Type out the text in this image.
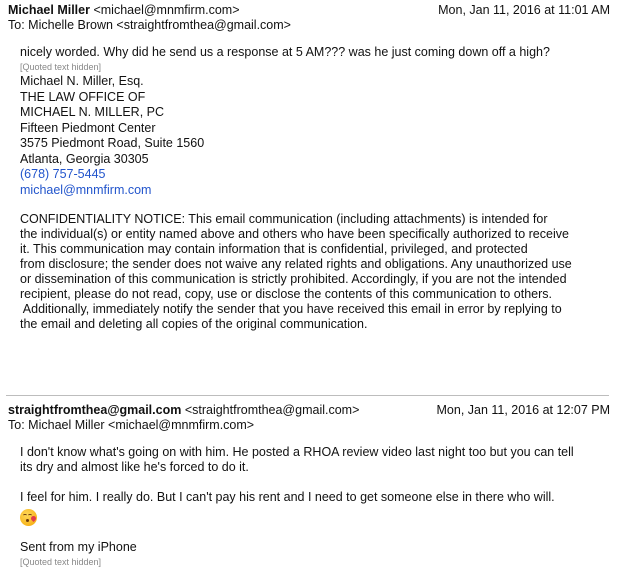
Michael Miller <michael@mnmfirm.com>
To: Michelle Brown <straightfromthea@gmail.com>
Mon, Jan 11, 2016 at 11:01 AM
nicely worded. Why did he send us a response at 5 AM??? was he just coming down off a high?
[Quoted text hidden]
Michael N. Miller, Esq.
THE LAW OFFICE OF
MICHAEL N. MILLER, PC
Fifteen Piedmont Center
3575 Piedmont Road, Suite 1560
Atlanta, Georgia 30305
(678) 757-5445
michael@mnmfirm.com
CONFIDENTIALITY NOTICE: This email communication (including attachments) is intended for
the individual(s) or entity named above and others who have been specifically authorized to receive
it. This communication may contain information that is confidential, privileged, and protected
from disclosure; the sender does not waive any related rights and obligations. Any unauthorized use
or dissemination of this communication is strictly prohibited. Accordingly, if you are not the intended
recipient, please do not read, copy, use or disclose the contents of this communication to others.
Additionally, immediately notify the sender that you have received this email in error by replying to
the email and deleting all copies of the original communication.
straightfromthea@gmail.com <straightfromthea@gmail.com>
To: Michael Miller <michael@mnmfirm.com>
Mon, Jan 11, 2016 at 12:07 PM
I don't know what's going on with him. He posted a RHOA review video last night too but you can tell
its dry and almost like he's forced to do it.
I feel for him. I really do. But I can't pay his rent and I need to get someone else in there who will.
Sent from my iPhone
[Quoted text hidden]
